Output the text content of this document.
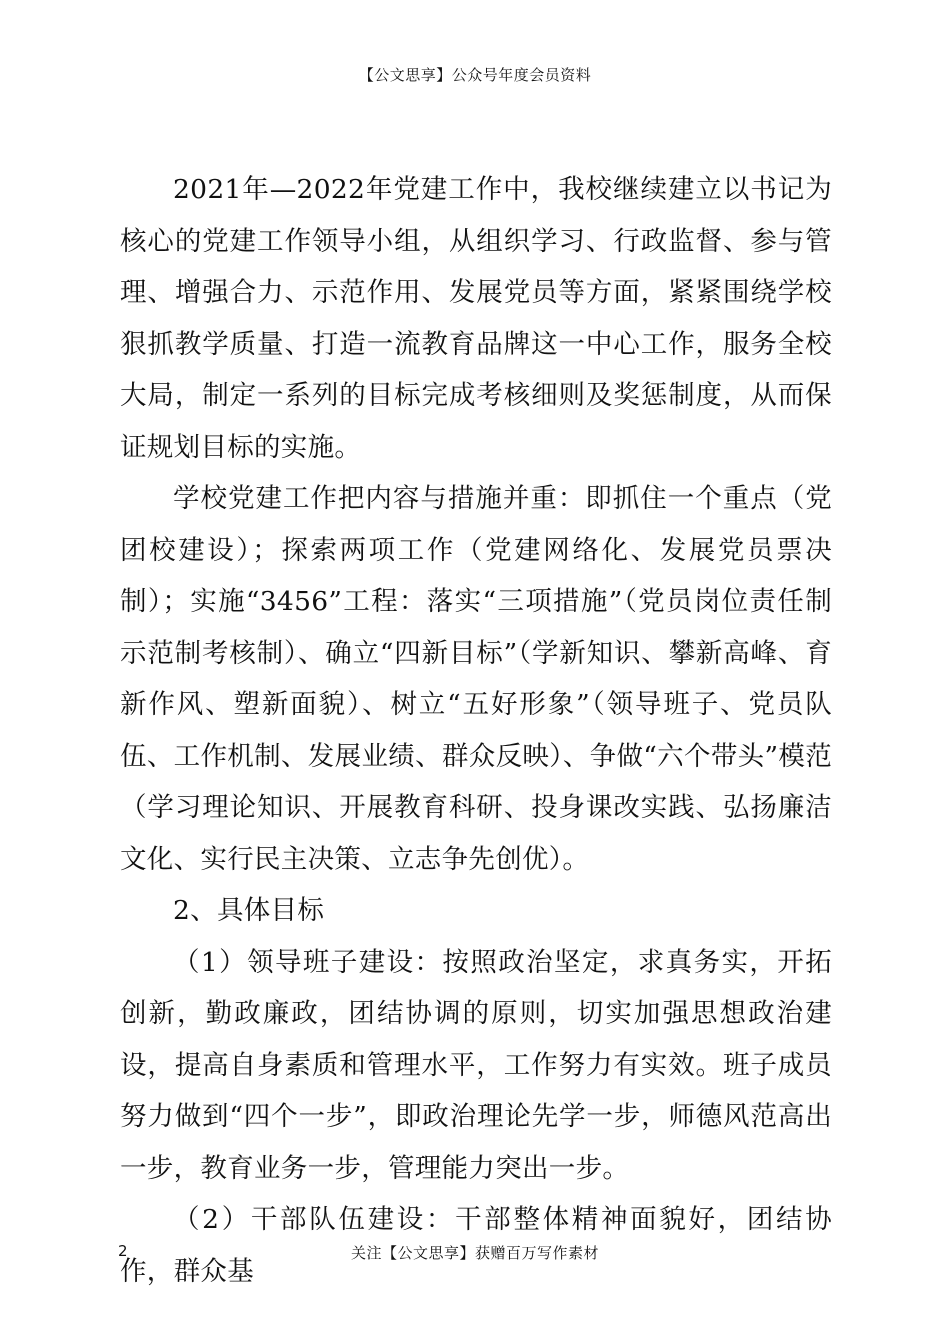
【公文思享】公众号年度会员资料

2021年—2022年党建工作中，我校继续建立以书记为核心的党建工作领导小组，从组织学习、行政监督、参与管理、增强合力、示范作用、发展党员等方面，紧紧围绕学校狠抓教学质量、打造一流教育品牌这一中心工作，服务全校大局，制定一系列的目标完成考核细则及奖惩制度，从而保证规划目标的实施。

学校党建工作把内容与措施并重：即抓住一个重点（党团校建设）；探索两项工作（党建网络化、发展党员票决制）；实施“3456”工程：落实“三项措施”（党员岗位责任制示范制考核制）、确立“四新目标”（学新知识、攀新高峰、育新作风、塑新面貌）、树立“五好形象”（领导班子、党员队伍、工作机制、发展业绩、群众反映）、争做“六个带头”模范（学习理论知识、开展教育科研、投身课改实践、弘扬廉洁文化、实行民主决策、立志争先创优）。

2、具体目标

（1）领导班子建设：按照政治坚定，求真务实，开拓创新，勤政廉政，团结协调的原则，切实加强思想政治建设，提高自身素质和管理水平，工作努力有实效。班子成员努力做到“四个一步”，即政治理论先学一步，师德风范高出一步，教育业务一步，管理能力突出一步。

（2）干部队伍建设：干部整体精神面貌好，团结协作，群众基

2	关注【公文思享】获赠百万写作素材
